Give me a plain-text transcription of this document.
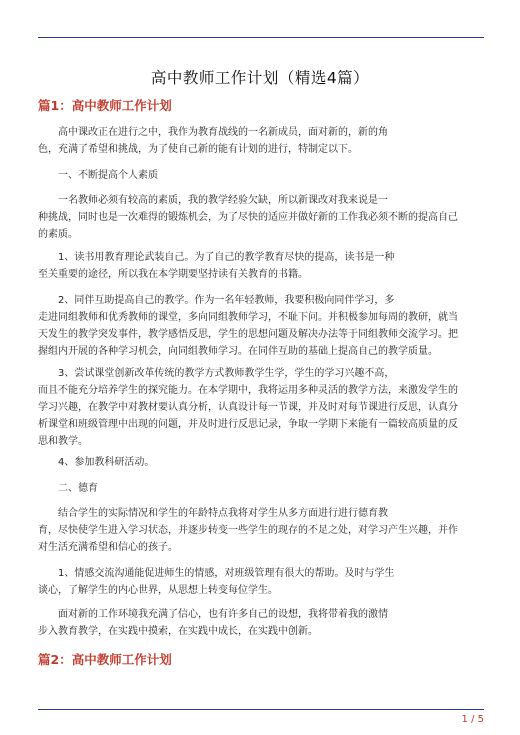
高中教师工作计划（精选4篇）
篇1：高中教师工作计划

　　高中课改正在进行之中，我作为教育战线的一名新成员，面对新的，新的角
色，充满了希望和挑战，为了使自己新的能有计划的进行，特制定以下。

　　一、不断提高个人素质

　　一名教师必须有较高的素质，我的教学经验欠缺，所以新课改对我来说是一
种挑战，同时也是一次难得的锻炼机会，为了尽快的适应并做好新的工作我必须不断的提高自己
的素质。

　　1、读书用教育理论武装自己。为了自己的教学教育尽快的提高，读书是一种
至关重要的途径，所以我在本学期要坚持读有关教育的书籍。

　　2、同伴互助提高自己的教学。作为一名年轻教师，我要积极向同伴学习，多
走进同组教师和优秀教师的课堂，多向同组教师学习，不耻下问。并积极参加每周的教研，就当
天发生的教学突发事件，教学感悟反思，学生的思想问题及解决办法等于同组教师交流学习。把
握组内开展的各种学习机会，向同组教师学习。在同伴互助的基础上提高自己的教学质量。

　　3、尝试课堂创新改革传统的教学方式教师教学生学，学生的学习兴趣不高，
而且不能充分培养学生的探究能力。在本学期中，我将运用多种灵活的教学方法，来激发学生的
学习兴趣，在教学中对教材要认真分析，认真设计每一节课，并及时对每节课进行反思，认真分
析课堂和班级管理中出现的问题，并及时进行反思记录，争取一学期下来能有一篇较高质量的反
思和教学。

　　4、参加教科研活动。

　　二、德育

　　结合学生的实际情况和学生的年龄特点我将对学生从多方面进行进行德育教
育，尽快使学生进入学习状态，并逐步转变一些学生的现存的不足之处，对学习产生兴趣，并作
对生活充满希望和信心的孩子。

　　1、情感交流沟通能促进师生的情感，对班级管理有很大的帮助。及时与学生
谈心，了解学生的内心世界，从思想上转变每位学生。

　　面对新的工作环境我充满了信心，也有许多自己的设想，我将带着我的激情
步入教育教学，在实践中摸索，在实践中成长，在实践中创新。

篇2：高中教师工作计划
1 / 5
